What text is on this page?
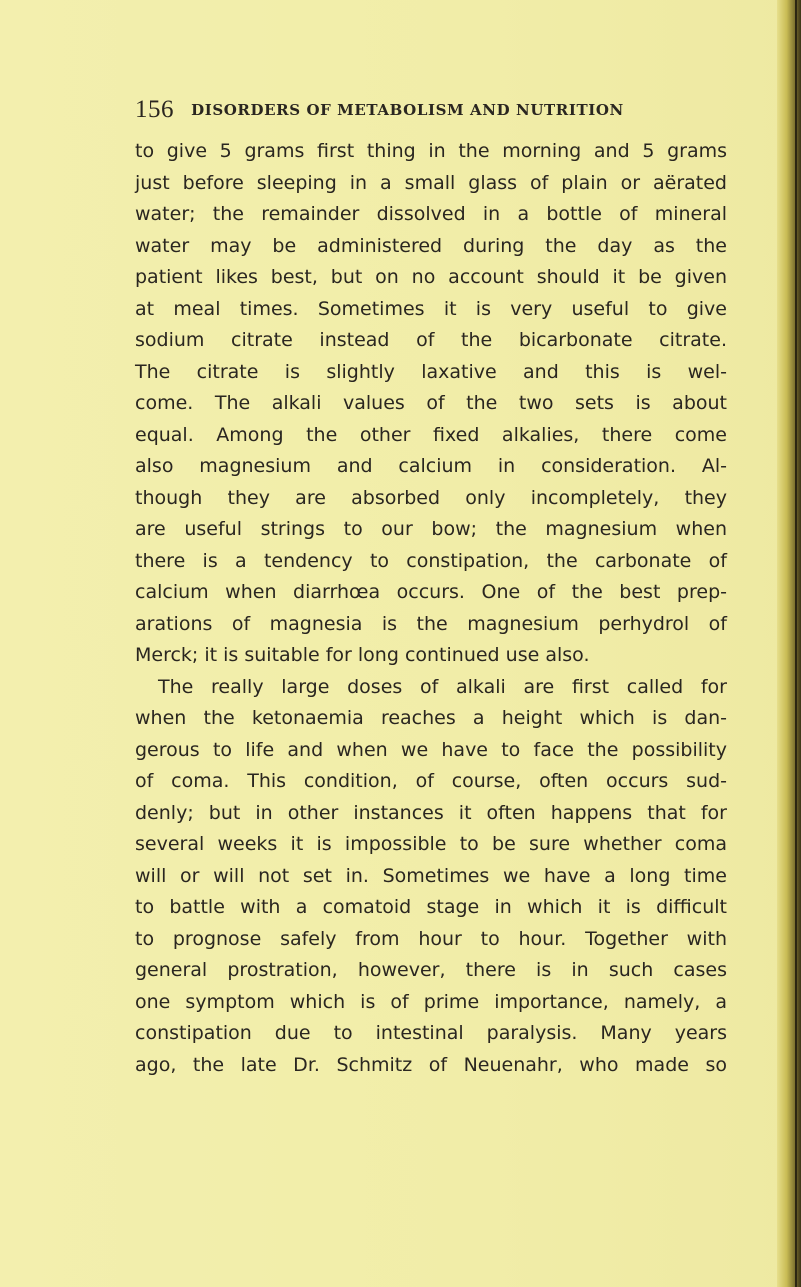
156 DISORDERS OF METABOLISM AND NUTRITION
to give 5 grams first thing in the morning and 5 grams
just before sleeping in a small glass of plain or aërated
water; the remainder dissolved in a bottle of mineral
water may be administered during the day as the
patient likes best, but on no account should it be given
at meal times. Sometimes it is very useful to give
sodium citrate instead of the bicarbonate citrate.
The citrate is slightly laxative and this is wel-
come. The alkali values of the two sets is about
equal. Among the other fixed alkalies, there come
also magnesium and calcium in consideration. Al-
though they are absorbed only incompletely, they
are useful strings to our bow; the magnesium when
there is a tendency to constipation, the carbonate of
calcium when diarrhœa occurs. One of the best prep-
arations of magnesia is the magnesium perhydrol of
Merck; it is suitable for long continued use also.
The really large doses of alkali are first called for
when the ketonaemia reaches a height which is dan-
gerous to life and when we have to face the possibility
of coma. This condition, of course, often occurs sud-
denly; but in other instances it often happens that for
several weeks it is impossible to be sure whether coma
will or will not set in. Sometimes we have a long time
to battle with a comatoid stage in which it is difficult
to prognose safely from hour to hour. Together with
general prostration, however, there is in such cases
one symptom which is of prime importance, namely, a
constipation due to intestinal paralysis. Many years
ago, the late Dr. Schmitz of Neuenahr, who made so
